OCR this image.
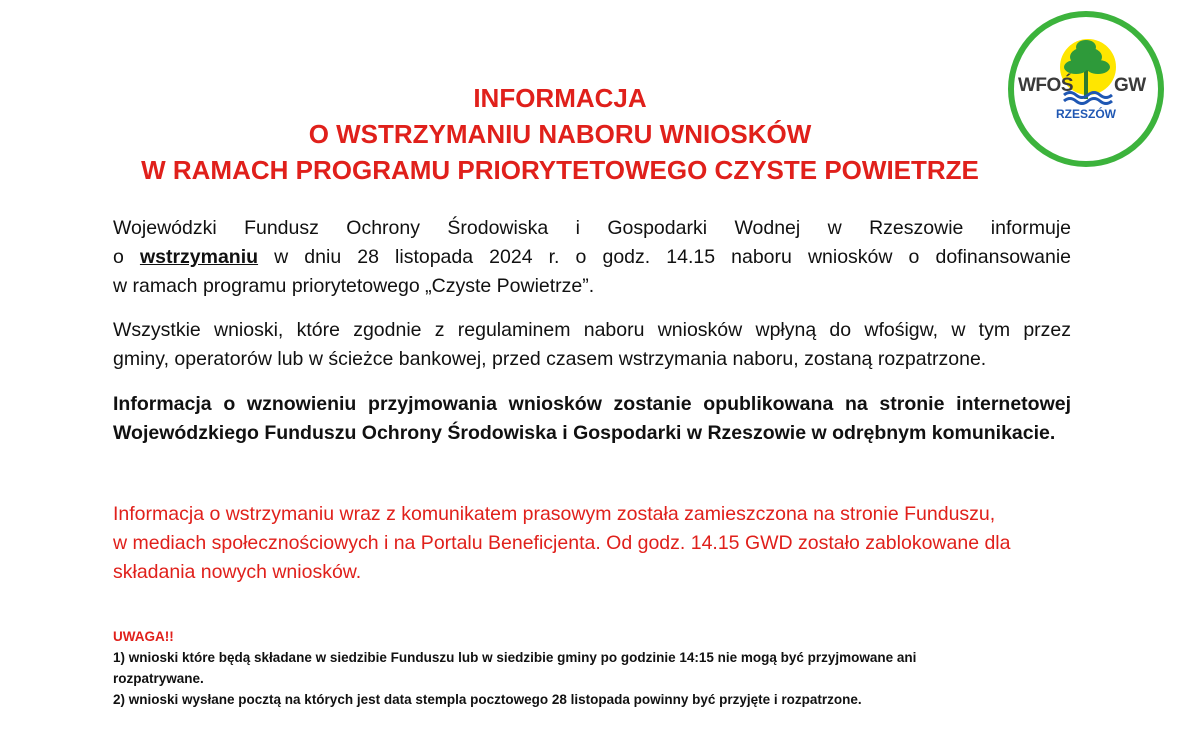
WFOŚ GW
RZESZÓW
INFORMACJA
O WSTRZYMANIU NABORU WNIOSKÓW
W RAMACH PROGRAMU PRIORYTETOWEGO CZYSTE POWIETRZE
Wojewódzki Fundusz Ochrony Środowiska i Gospodarki Wodnej w Rzeszowie informuje
o wstrzymaniu w dniu 28 listopada 2024 r. o godz. 14.15 naboru wniosków o dofinansowanie
w ramach programu priorytetowego „Czyste Powietrze”.
Wszystkie wnioski, które zgodnie z regulaminem naboru wniosków wpłyną do wfośigw, w tym przez
gminy, operatorów lub w ścieżce bankowej, przed czasem wstrzymania naboru, zostaną rozpatrzone.
Informacja o wznowieniu przyjmowania wniosków zostanie opublikowana na stronie internetowej
Wojewódzkiego Funduszu Ochrony Środowiska i Gospodarki w Rzeszowie w odrębnym komunikacie.
Informacja o wstrzymaniu wraz z komunikatem prasowym została zamieszczona na stronie Funduszu,
w mediach społecznościowych i na Portalu Beneficjenta. Od godz. 14.15 GWD zostało zablokowane dla
składania nowych wniosków.
UWAGA!!
1) wnioski które będą składane w siedzibie Funduszu lub w siedzibie gminy po godzinie 14:15 nie mogą być przyjmowane ani
rozpatrywane.
2) wnioski wysłane pocztą na których jest data stempla pocztowego 28 listopada powinny być przyjęte i rozpatrzone.
